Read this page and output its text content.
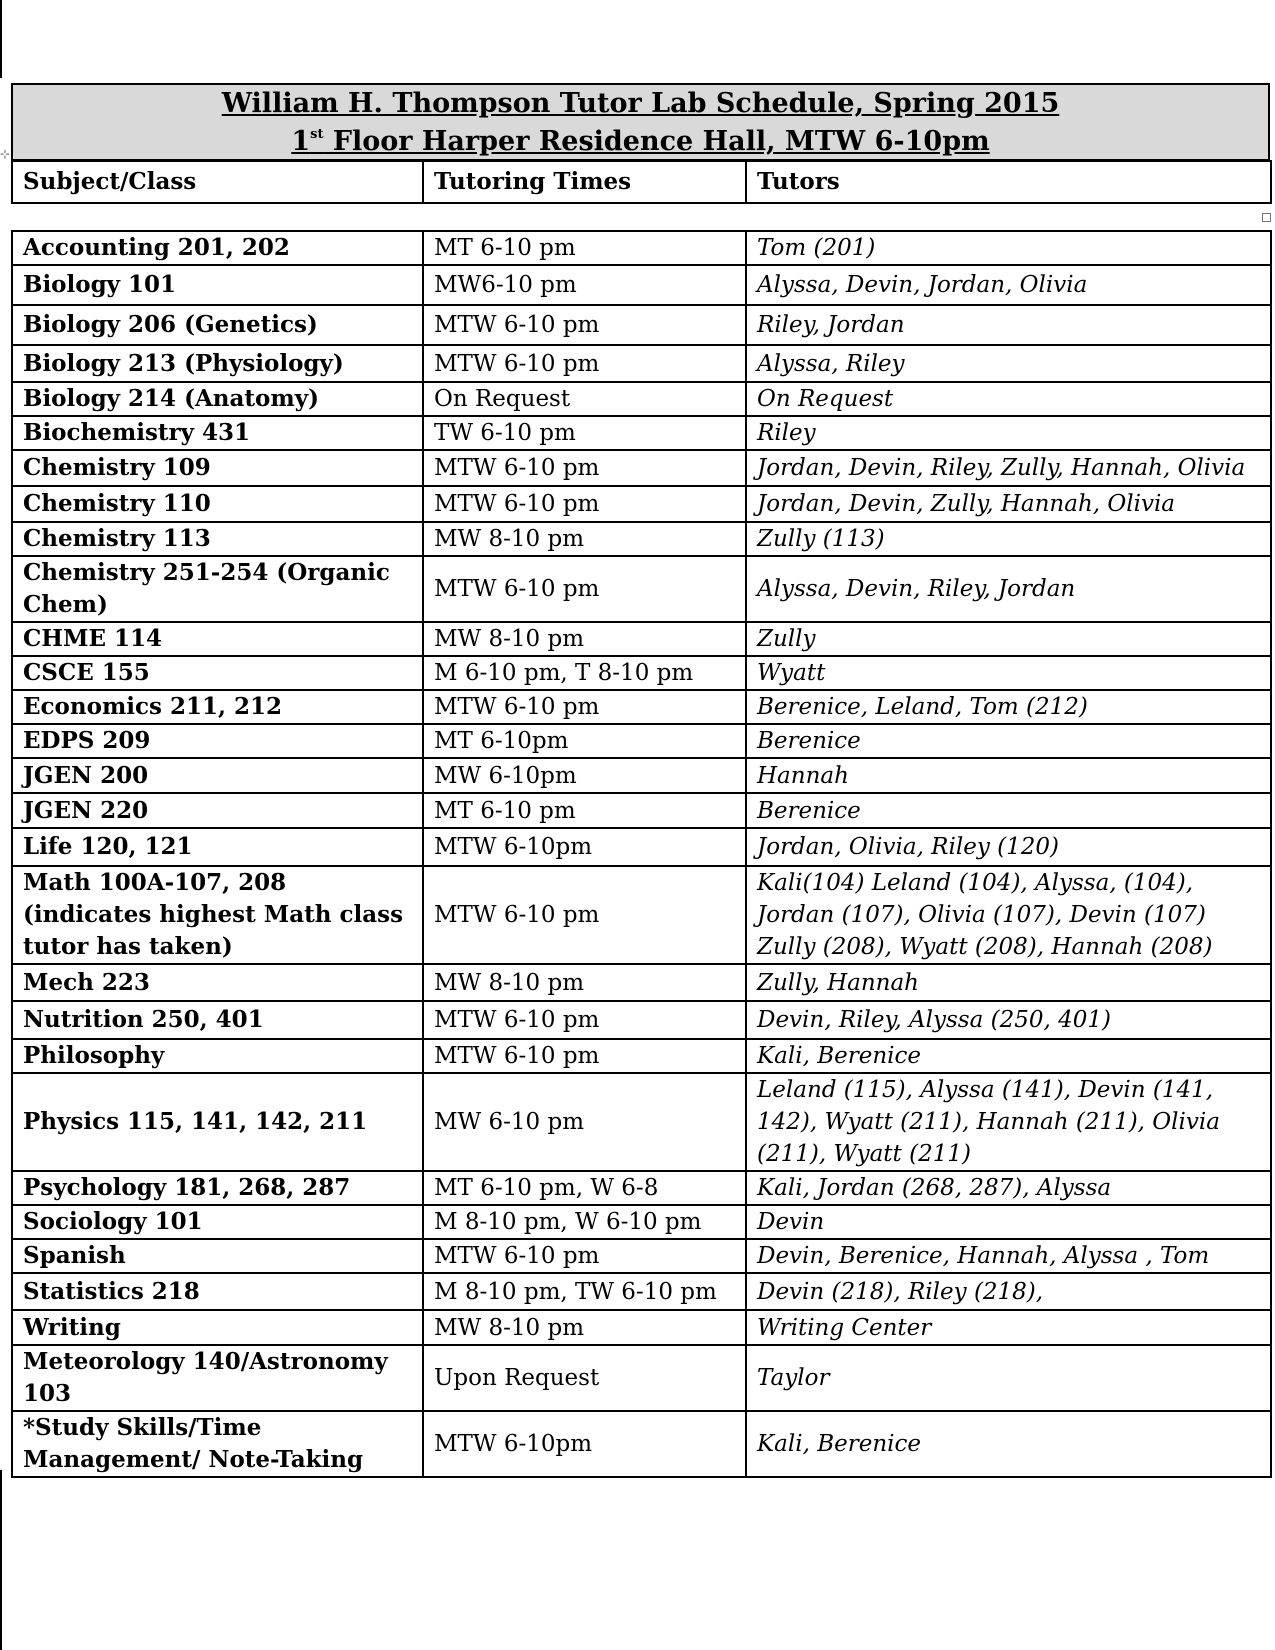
⊹
William H. Thompson Tutor Lab Schedule, Spring 2015
1st Floor Harper Residence Hall, MTW 6-10pm
Subject/Class	Tutoring Times	Tutors
Accounting 201, 202	MT 6-10 pm	Tom (201)
Biology 101	MW6-10 pm	Alyssa, Devin, Jordan, Olivia
Biology 206 (Genetics)	MTW 6-10 pm	Riley, Jordan
Biology 213 (Physiology)	MTW 6-10 pm	Alyssa, Riley
Biology 214 (Anatomy)	On Request	On Request
Biochemistry 431	TW 6-10 pm	Riley
Chemistry 109	MTW 6-10 pm	Jordan, Devin, Riley, Zully, Hannah, Olivia
Chemistry 110	MTW 6-10 pm	Jordan, Devin, Zully, Hannah, Olivia
Chemistry 113	MW 8-10 pm	Zully (113)
Chemistry 251-254 (Organic Chem)	MTW 6-10 pm	Alyssa, Devin, Riley, Jordan
CHME 114	MW 8-10 pm	Zully
CSCE 155	M 6-10 pm, T 8-10 pm	Wyatt
Economics 211, 212	MTW 6-10 pm	Berenice, Leland, Tom (212)
EDPS 209	MT 6-10pm	Berenice
JGEN 200	MW 6-10pm	Hannah
JGEN 220	MT 6-10 pm	Berenice
Life 120, 121	MTW 6-10pm	Jordan, Olivia, Riley (120)
Math 100A-107, 208 (indicates highest Math class tutor has taken)	MTW 6-10 pm	Kali(104) Leland (104), Alyssa, (104), Jordan (107), Olivia (107), Devin (107) Zully (208), Wyatt (208), Hannah (208)
Mech 223	MW 8-10 pm	Zully, Hannah
Nutrition 250, 401	MTW 6-10 pm	Devin, Riley, Alyssa (250, 401)
Philosophy	MTW 6-10 pm	Kali, Berenice
Physics 115, 141, 142, 211	MW 6-10 pm	Leland (115), Alyssa (141), Devin (141, 142), Wyatt (211), Hannah (211), Olivia (211), Wyatt (211)
Psychology 181, 268, 287	MT 6-10 pm, W 6-8	Kali, Jordan (268, 287), Alyssa
Sociology 101	M 8-10 pm, W 6-10 pm	Devin
Spanish	MTW 6-10 pm	Devin, Berenice, Hannah, Alyssa , Tom
Statistics 218	M 8-10 pm, TW 6-10 pm	Devin (218), Riley (218),
Writing	MW 8-10 pm	Writing Center
Meteorology 140/Astronomy 103	Upon Request	Taylor
*Study Skills/Time Management/ Note-Taking	MTW 6-10pm	Kali, Berenice
